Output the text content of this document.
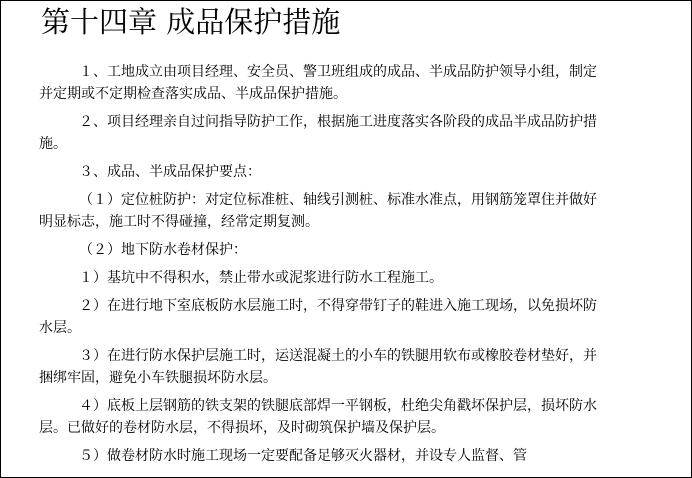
第十四章 成品保护措施

１、工地成立由项目经理、安全员、警卫班组成的成品、半成品防护领导小组，制定并定期或不定期检查落实成品、半成品保护措施。

２、项目经理亲自过问指导防护工作，根据施工进度落实各阶段的成品半成品防护措施。

３、成品、半成品保护要点：

（１）定位桩防护：对定位标准桩、轴线引测桩、标准水准点，用钢筋笼罩住并做好明显标志，施工时不得碰撞，经常定期复测。

（２）地下防水卷材保护：

１）基坑中不得积水，禁止带水或泥浆进行防水工程施工。

２）在进行地下室底板防水层施工时，不得穿带钉子的鞋进入施工现场，以免损坏防水层。

３）在进行防水保护层施工时，运送混凝土的小车的铁腿用软布或橡胶卷材垫好，并捆绑牢固，避免小车铁腿损坏防水层。

４）底板上层钢筋的铁支架的铁腿底部焊一平钢板，杜绝尖角戳坏保护层，损坏防水层。已做好的卷材防水层，不得损坏，及时砌筑保护墙及保护层。

５）做卷材防水时施工现场一定要配备足够灭火器材，并设专人监督、管
